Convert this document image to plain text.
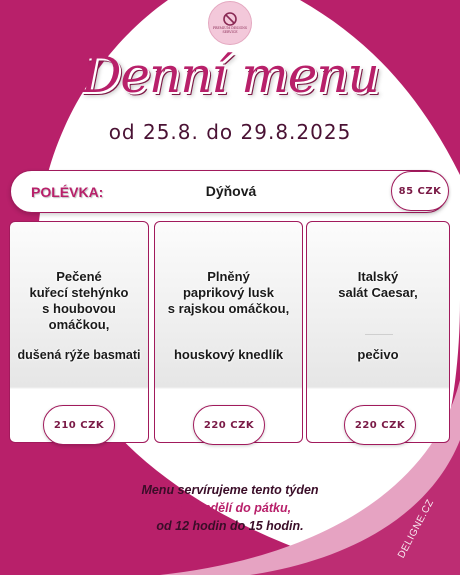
PREMIUM DESIGNS
SERVICE
Denní menu
od 25.8. do 29.8.2025
POLÉVKA:	Dýňová	85 CZK
Pečené
kuřecí stehýnko
s houbovou
omáčkou,
dušená rýže basmati
210 CZK
Plněný
paprikový lusk
s rajskou omáčkou,
houskový knedlík
220 CZK
Italský
salát Caesar,
pečivo
220 CZK
Menu servírujeme tento týden
od pondělí do pátku,
od 12 hodin do 15 hodin.	DELIGNE.CZ
